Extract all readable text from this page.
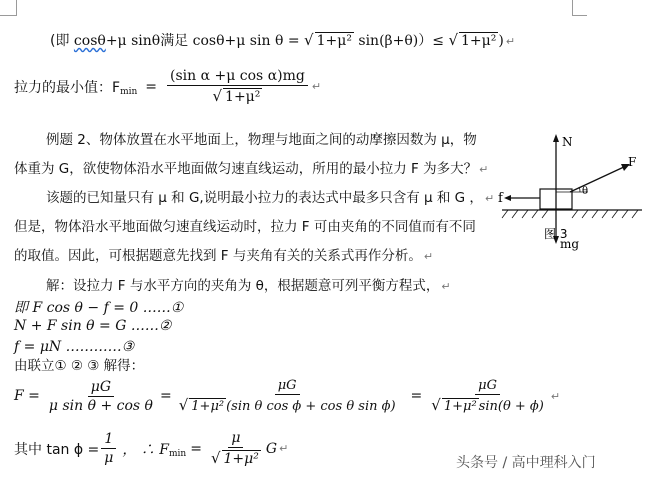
(即 cosθ+μ sinθ满足 cosθ+μ sin θ = √ 1+μ² sin(β+θ)）≤ √ 1+μ² ) ↵
拉力的最小值：$F_{min} = \frac{\text{(sin α +μ cos α)mg}}{\text{√ 1+μ²}}$ ↵
例题 2、物体放置在水平地面上，物理与地面之间的动摩擦因数为 μ，物
体重为 G，欲使物体沿水平地面做匀速直线运动，所用的最小拉力 F 为多大？ ↵
该题的已知量只有 μ 和 G,说明最小拉力的表达式中最多只含有 μ 和 G ， ↵
但是，物体沿水平地面做匀速直线运动时，拉力 F 可由夹角的不同值而有不同
的取值。因此，可根据题意先找到 F 与夹角有关的关系式再作分析。 ↵
N
F
θ
f
图 3
mg
解：设拉力 F 与水平方向的夹角为 θ，根据题意可列平衡方程式， ↵
即 F cos θ − f = 0 ……①
N + F sin θ = G ……②
f = μN …………③
由联立① ② ③ 解得：
$F = \frac{\mu G}{\text{μ sin θ + cos θ}} = \frac{\mu G}{\text{√ 1+μ² (sin θ cos ϕ + cos θ sin ϕ)}} = \frac{\mu G}{\text{√ 1+μ² sin(θ + ϕ)}}$ ↵
其中 $\tan \phi = \frac{1}{\mu}$ ， ∴ $F_{min} = \frac{\mu}{\text{√ 1+μ²}}$ G ↵
头条号 / 高中理科入门
